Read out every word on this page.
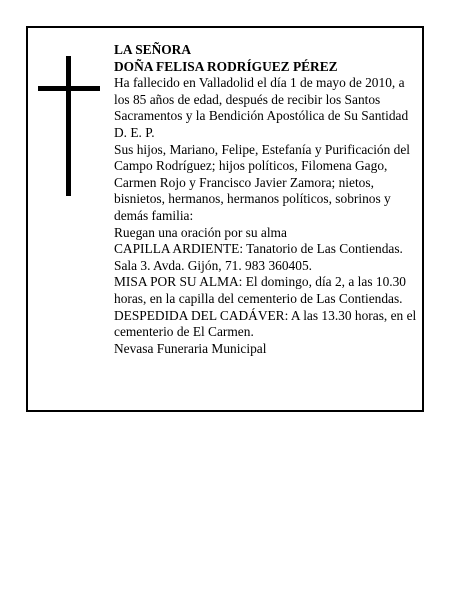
LA SEÑORA

DOÑA FELISA RODRÍGUEZ PÉREZ

Ha fallecido en Valladolid el día 1 de mayo de 2010, a los 85 años de edad, después de recibir los Santos Sacramentos y la Bendición Apostólica de Su Santidad D. E. P.

Sus hijos, Mariano, Felipe, Estefanía y Purificación del Campo Rodríguez; hijos políticos, Filomena Gago, Carmen Rojo y Francisco Javier Zamora; nietos, bisnietos, hermanos, hermanos políticos, sobrinos y demás familia:

Ruegan una oración por su alma

CAPILLA ARDIENTE: Tanatorio de Las Contiendas. Sala 3. Avda. Gijón, 71. 983 360405.

MISA POR SU ALMA: El domingo, día 2, a las 10.30 horas, en la capilla del cementerio de Las Contiendas.

DESPEDIDA DEL CADÁVER: A las 13.30 horas, en el cementerio de El Carmen.

Nevasa Funeraria Municipal
